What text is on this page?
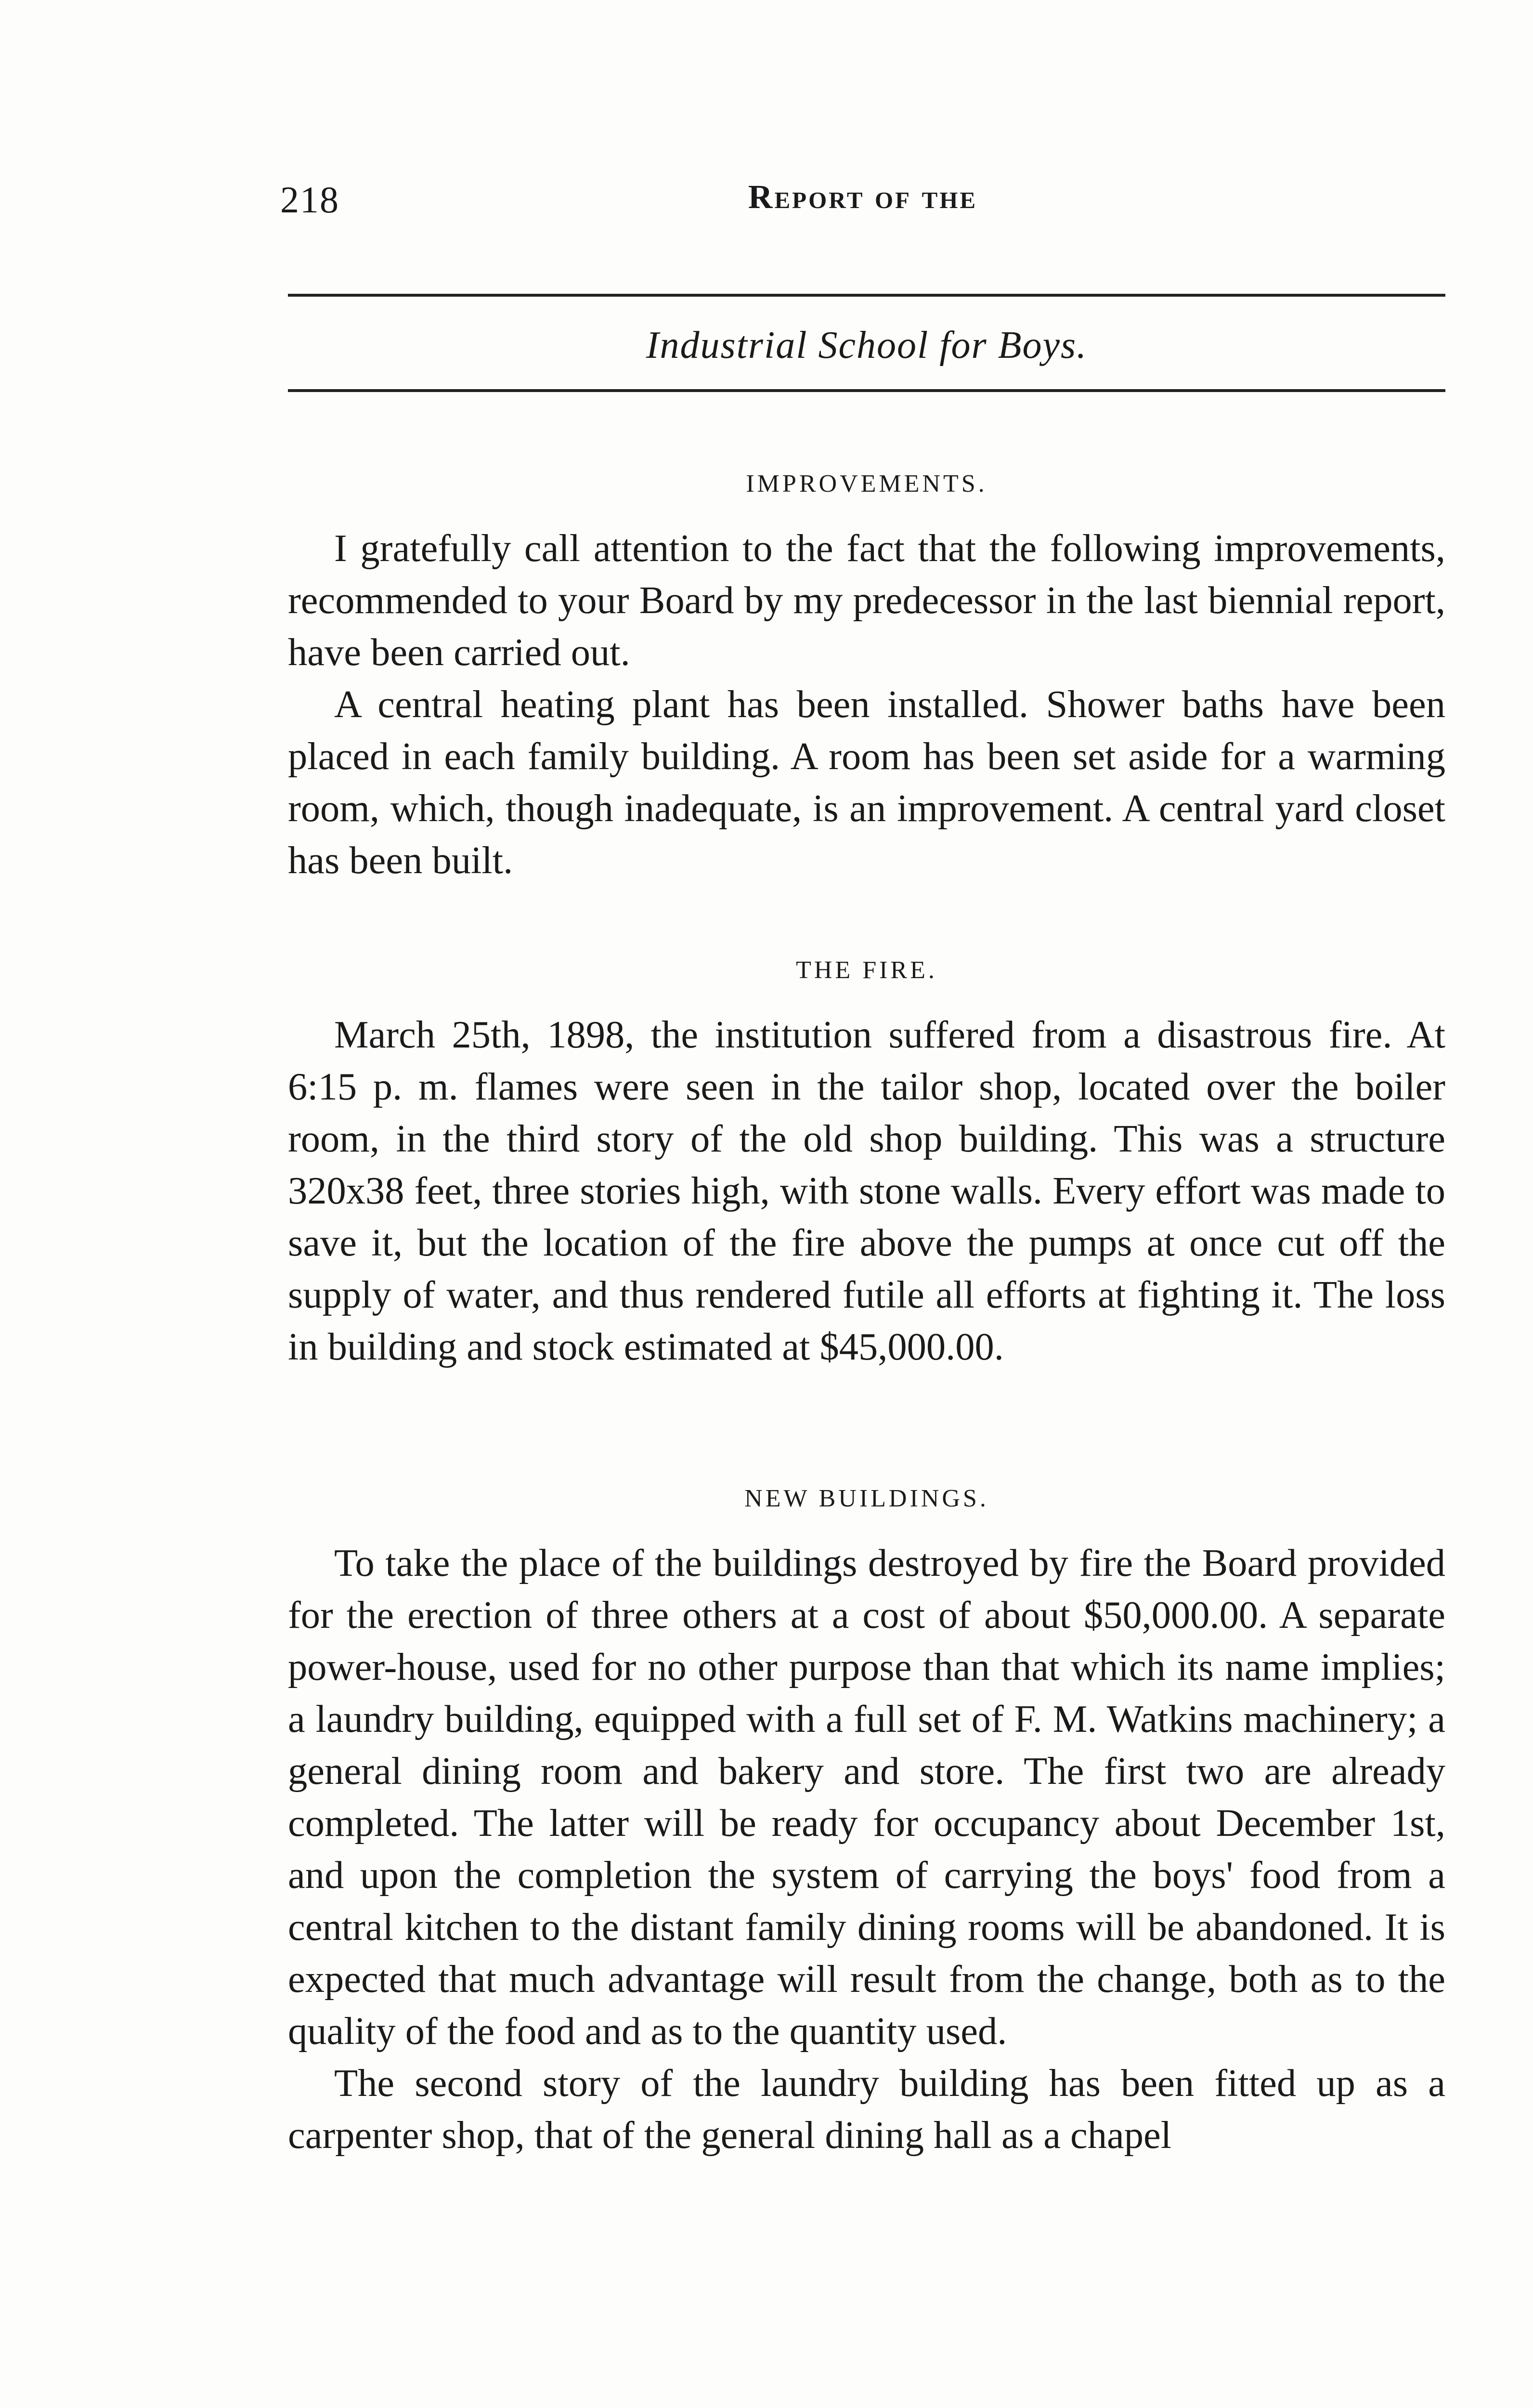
218	Report of the
Industrial School for Boys.
IMPROVEMENTS.

I gratefully call attention to the fact that the following improvements, recommended to your Board by my predecessor in the last biennial report, have been carried out.

A central heating plant has been installed. Shower baths have been placed in each family building. A room has been set aside for a warming room, which, though inadequate, is an improvement. A central yard closet has been built.

THE FIRE.

March 25th, 1898, the institution suffered from a disastrous fire. At 6:15 p. m. flames were seen in the tailor shop, located over the boiler room, in the third story of the old shop building. This was a structure 320x38 feet, three stories high, with stone walls. Every effort was made to save it, but the location of the fire above the pumps at once cut off the supply of water, and thus rendered futile all efforts at fighting it. The loss in building and stock estimated at $45,000.00.

NEW BUILDINGS.

To take the place of the buildings destroyed by fire the Board provided for the erection of three others at a cost of about $50,000.00. A separate power-house, used for no other purpose than that which its name implies; a laundry building, equipped with a full set of F. M. Watkins machinery; a general dining room and bakery and store. The first two are already completed. The latter will be ready for occupancy about December 1st, and upon the completion the system of carrying the boys' food from a central kitchen to the distant family dining rooms will be abandoned. It is expected that much advantage will result from the change, both as to the quality of the food and as to the quantity used.

The second story of the laundry building has been fitted up as a carpenter shop, that of the general dining hall as a chapel
